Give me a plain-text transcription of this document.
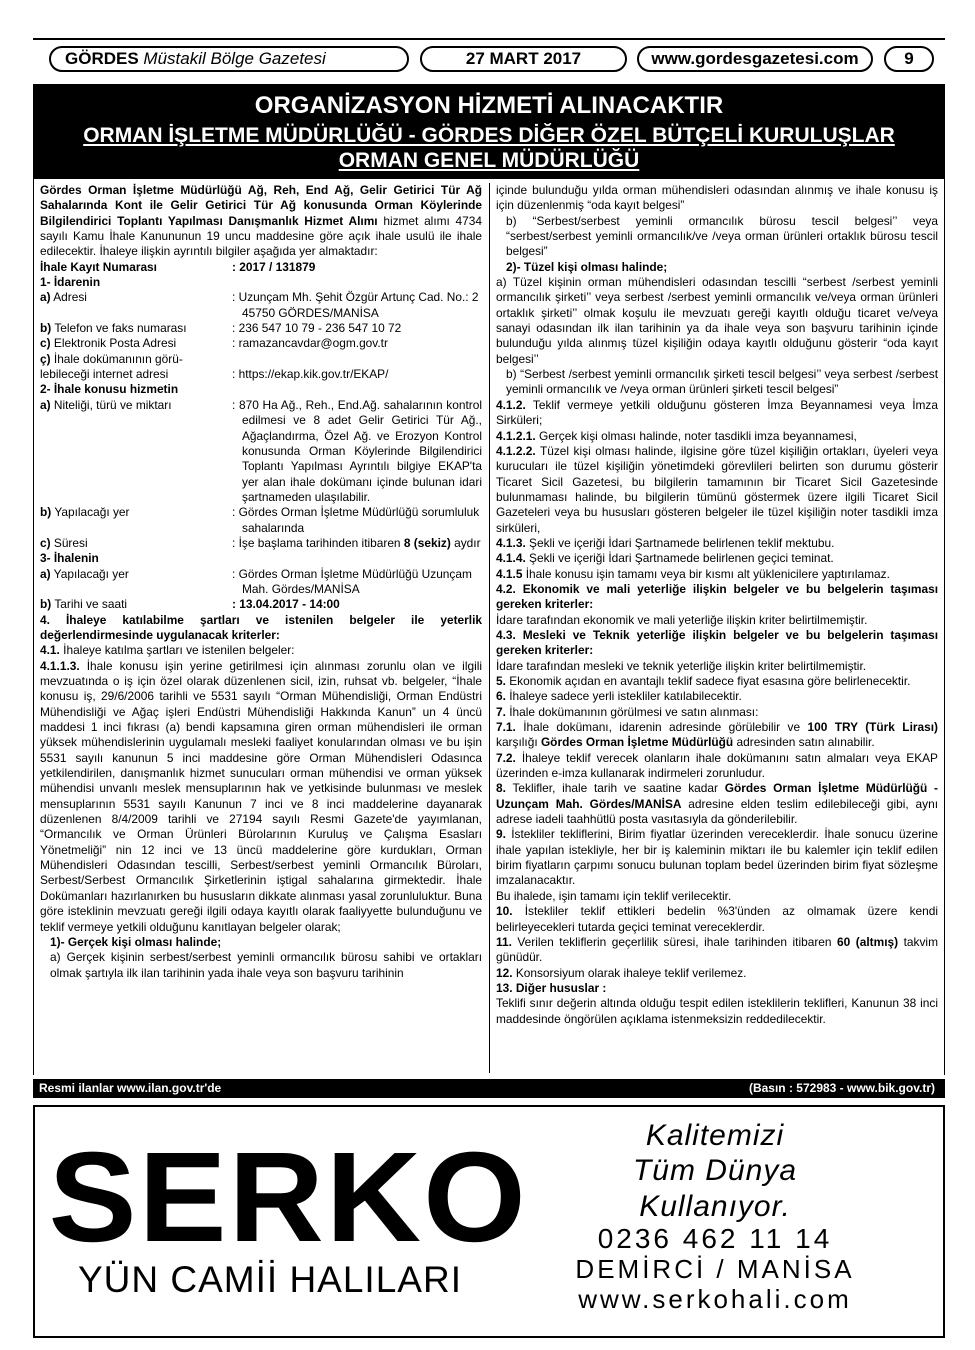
GÖRDES Müstakil Bölge Gazetesi	27 MART 2017	www.gordesgazetesi.com	9
ORGANİZASYON HİZMETİ ALINACAKTIR
ORMAN İŞLETME MÜDÜRLÜĞÜ - GÖRDES DİĞER ÖZEL BÜTÇELİ KURULUŞLAR
ORMAN GENEL MÜDÜRLÜĞÜ

Gördes Orman İşletme Müdürlüğü Ağ, Reh, End Ağ, Gelir Getirici Tür Ağ Sahalarında Kont ile Gelir Getirici Tür Ağ konusunda Orman Köylerinde Bilgilendirici Toplantı Yapılması Danışmanlık Hizmet Alımı hizmet alımı 4734 sayılı Kamu İhale Kanununun 19 uncu maddesine göre açık ihale usulü ile ihale edilecektir. İhaleye ilişkin ayrıntılı bilgiler aşağıda yer almaktadır:

İhale Kayıt Numarası	: 2017 / 131879

1- İdarenin

a) Adresi	: Uzunçam Mh. Şehit Özgür Artunç Cad. No.: 2 45750 GÖRDES/MANİSA
b) Telefon ve faks numarası	: 236 547 10 79 - 236 547 10 72
c) Elektronik Posta Adresi	: ramazancavdar@ogm.gov.tr
ç) İhale dokümanının görü-
lebileceği internet adresi	: https://ekap.kik.gov.tr/EKAP/

2- İhale konusu hizmetin

a) Niteliği, türü ve miktarı	: 870 Ha Ağ., Reh., End.Ağ. sahalarının kontrol edilmesi ve 8 adet Gelir Getirici Tür Ağ., Ağaçlandırma, Özel Ağ. ve Erozyon Kontrol konusunda Orman Köylerinde Bilgilendirici Toplantı Yapılması Ayrıntılı bilgiye EKAP'ta yer alan ihale dokümanı içinde bulunan idari şartnameden ulaşılabilir.
b) Yapılacağı yer	: Gördes Orman İşletme Müdürlüğü sorumluluk sahalarında
c) Süresi	: İşe başlama tarihinden itibaren 8 (sekiz) aydır

3- İhalenin

a) Yapılacağı yer	: Gördes Orman İşletme Müdürlüğü Uzunçam Mah. Gördes/MANİSA
b) Tarihi ve saati	: 13.04.2017 - 14:00

4. İhaleye katılabilme şartları ve istenilen belgeler ile yeterlik değerlendirmesinde uygulanacak kriterler:

4.1. İhaleye katılma şartları ve istenilen belgeler:

4.1.1.3. İhale konusu işin yerine getirilmesi için alınması zorunlu olan ve ilgili mevzuatında o iş için özel olarak düzenlenen sicil, izin, ruhsat vb. belgeler, “İhale konusu iş, 29/6/2006 tarihli ve 5531 sayılı “Orman Mühendisliği, Orman Endüstri Mühendisliği ve Ağaç işleri Endüstri Mühendisliği Hakkında Kanun” un 4 üncü maddesi 1 inci fıkrası (a) bendi kapsamına giren orman mühendisleri ile orman yüksek mühendislerinin uygulamalı mesleki faaliyet konularından olması ve bu işin 5531 sayılı kanunun 5 inci maddesine göre Orman Mühendisleri Odasınca yetkilendirilen, danışmanlık hizmet sunucuları orman mühendisi ve orman yüksek mühendisi unvanlı meslek mensuplarının hak ve yetkisinde bulunması ve meslek mensuplarının 5531 sayılı Kanunun 7 inci ve 8 inci maddelerine dayanarak düzenlenen 8/4/2009 tarihli ve 27194 sayılı Resmi Gazete'de yayımlanan, “Ormancılık ve Orman Ürünleri Bürolarının Kuruluş ve Çalışma Esasları Yönetmeliği” nin 12 inci ve 13 üncü maddelerine göre kurdukları, Orman Mühendisleri Odasından tescilli, Serbest/serbest yeminli Ormancılık Büroları, Serbest/Serbest Ormancılık Şirketlerinin iştigal sahalarına girmektedir. İhale Dokümanları hazırlanırken bu hususların dikkate alınması yasal zorunluluktur. Buna göre isteklinin mevzuatı gereği ilgili odaya kayıtlı olarak faaliyyette bulunduğunu ve teklif vermeye yetkili olduğunu kanıtlayan belgeler olarak;

1)- Gerçek kişi olması halinde;

a) Gerçek kişinin serbest/serbest yeminli ormancılık bürosu sahibi ve ortakları olmak şartıyla ilk ilan tarihinin yada ihale veya son başvuru tarihinin

içinde bulunduğu yılda orman mühendisleri odasından alınmış ve ihale konusu iş için düzenlenmiş “oda kayıt belgesi”

b) “Serbest/serbest yeminli ormancılık bürosu tescil belgesi’’ veya “serbest/serbest yeminli ormancılık/ve /veya orman ürünleri ortaklık bürosu tescil belgesi”

2)- Tüzel kişi olması halinde;

a) Tüzel kişinin orman mühendisleri odasından tescilli “serbest /serbest yeminli ormancılık şirketi’’ veya serbest /serbest yeminli ormancılık ve/veya orman ürünleri ortaklık şirketi’’ olmak koşulu ile mevzuatı gereği kayıtlı olduğu ticaret ve/veya sanayi odasından ilk ilan tarihinin ya da ihale veya son başvuru tarihinin içinde bulunduğu yılda alınmış tüzel kişiliğin odaya kayıtlı olduğunu gösterir “oda kayıt belgesi’’

b) “Serbest /serbest yeminli ormancılık şirketi tescil belgesi’’ veya serbest /serbest yeminli ormancılık ve /veya orman ürünleri şirketi tescil belgesi”

4.1.2. Teklif vermeye yetkili olduğunu gösteren İmza Beyannamesi veya İmza Sirküleri;

4.1.2.1. Gerçek kişi olması halinde, noter tasdikli imza beyannamesi,

4.1.2.2. Tüzel kişi olması halinde, ilgisine göre tüzel kişiliğin ortakları, üyeleri veya kurucuları ile tüzel kişiliğin yönetimdeki görevlileri belirten son durumu gösterir Ticaret Sicil Gazetesi, bu bilgilerin tamamının bir Ticaret Sicil Gazetesinde bulunmaması halinde, bu bilgilerin tümünü göstermek üzere ilgili Ticaret Sicil Gazeteleri veya bu hususları gösteren belgeler ile tüzel kişiliğin noter tasdikli imza sirküleri,

4.1.3. Şekli ve içeriği İdari Şartnamede belirlenen teklif mektubu.

4.1.4. Şekli ve içeriği İdari Şartnamede belirlenen geçici teminat.

4.1.5 İhale konusu işin tamamı veya bir kısmı alt yüklenicilere yaptırılamaz.

4.2. Ekonomik ve mali yeterliğe ilişkin belgeler ve bu belgelerin taşıması gereken kriterler:

İdare tarafından ekonomik ve mali yeterliğe ilişkin kriter belirtilmemiştir.

4.3. Mesleki ve Teknik yeterliğe ilişkin belgeler ve bu belgelerin taşıması gereken kriterler:

İdare tarafından mesleki ve teknik yeterliğe ilişkin kriter belirtilmemiştir.

5. Ekonomik açıdan en avantajlı teklif sadece fiyat esasına göre belirlenecektir.

6. İhaleye sadece yerli istekliler katılabilecektir.

7. İhale dokümanının görülmesi ve satın alınması:

7.1. İhale dokümanı, idarenin adresinde görülebilir ve 100 TRY (Türk Lirası) karşılığı Gördes Orman İşletme Müdürlüğü adresinden satın alınabilir.

7.2. İhaleye teklif verecek olanların ihale dokümanını satın almaları veya EKAP üzerinden e-imza kullanarak indirmeleri zorunludur.

8. Teklifler, ihale tarih ve saatine kadar Gördes Orman İşletme Müdürlüğü - Uzunçam Mah. Gördes/MANİSA adresine elden teslim edilebileceği gibi, aynı adrese iadeli taahhütlü posta vasıtasıyla da gönderilebilir.

9. İstekliler tekliflerini, Birim fiyatlar üzerinden vereceklerdir. İhale sonucu üzerine ihale yapılan istekliyle, her bir iş kaleminin miktarı ile bu kalemler için teklif edilen birim fiyatların çarpımı sonucu bulunan toplam bedel üzerinden birim fiyat sözleşme imzalanacaktır.

Bu ihalede, işin tamamı için teklif verilecektir.

10. İstekliler teklif ettikleri bedelin %3'ünden az olmamak üzere kendi belirleyecekleri tutarda geçici teminat vereceklerdir.

11. Verilen tekliflerin geçerlilik süresi, ihale tarihinden itibaren 60 (altmış) takvim günüdür.

12. Konsorsiyum olarak ihaleye teklif verilemez.

13. Diğer hususlar :

Teklifi sınır değerin altında olduğu tespit edilen isteklilerin teklifleri, Kanunun 38 inci maddesinde öngörülen açıklama istenmeksizin reddedilecektir.

Resmi ilanlar www.ilan.gov.tr'de	(Basın : 572983 - www.bik.gov.tr)
SERKO
YÜN CAMİİ HALILARI
Kalitemizi
Tüm Dünya
Kullanıyor.
0236 462 11 14
DEMİRCİ / MANİSA
www.serkohali.com
